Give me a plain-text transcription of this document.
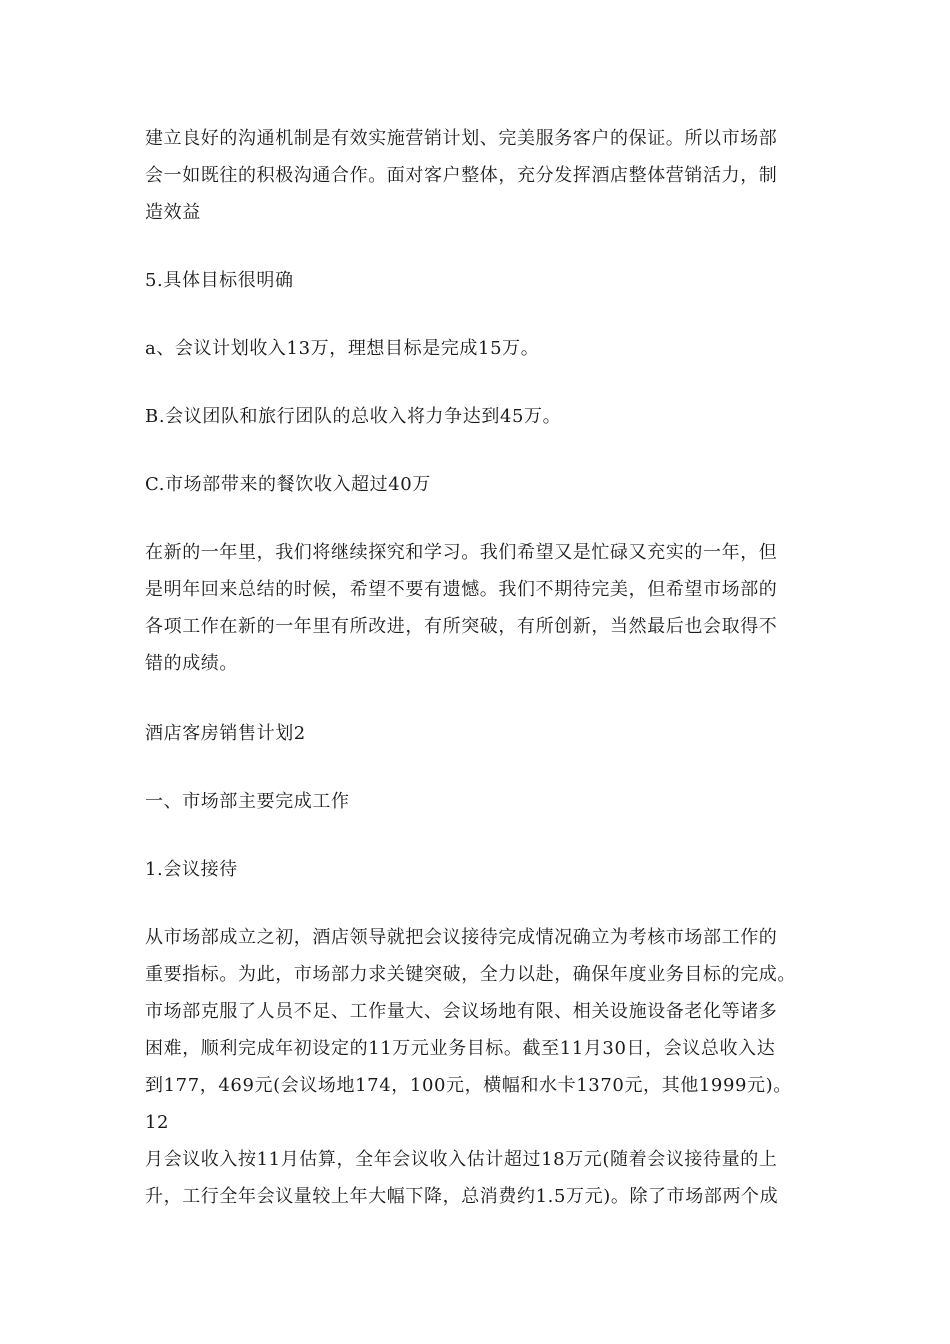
建立良好的沟通机制是有效实施营销计划、完美服务客户的保证。所以市场部

会一如既往的积极沟通合作。面对客户整体，充分发挥酒店整体营销活力，制

造效益

5.具体目标很明确

a、会议计划收入13万，理想目标是完成15万。

B.会议团队和旅行团队的总收入将力争达到45万。

C.市场部带来的餐饮收入超过40万

在新的一年里，我们将继续探究和学习。我们希望又是忙碌又充实的一年，但

是明年回来总结的时候，希望不要有遗憾。我们不期待完美，但希望市场部的

各项工作在新的一年里有所改进，有所突破，有所创新，当然最后也会取得不

错的成绩。

酒店客房销售计划2

一、市场部主要完成工作

1.会议接待

从市场部成立之初，酒店领导就把会议接待完成情况确立为考核市场部工作的

重要指标。为此，市场部力求关键突破，全力以赴，确保年度业务目标的完成。

市场部克服了人员不足、工作量大、会议场地有限、相关设施设备老化等诸多

困难，顺利完成年初设定的11万元业务目标。截至11月30日，会议总收入达

到177，469元(会议场地174，100元，横幅和水卡1370元，其他1999元)。12

月会议收入按11月估算，全年会议收入估计超过18万元(随着会议接待量的上

升，工行全年会议量较上年大幅下降，总消费约1.5万元)。除了市场部两个成
